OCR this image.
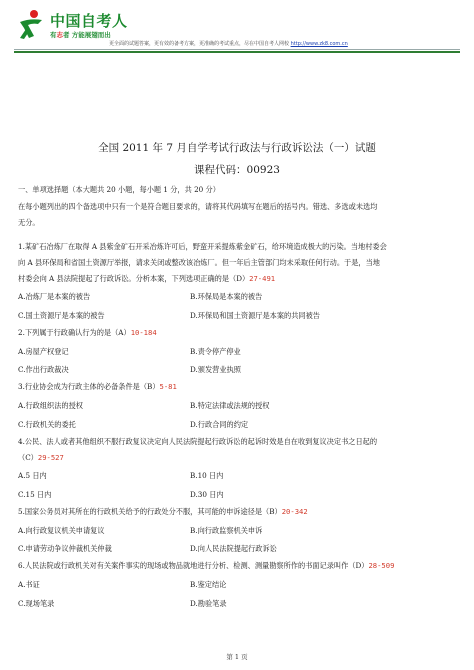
中国自考人
有志者 方能展翅而出
更全面的试题答案，更有效的备考方案，更准确的考试重点，尽在中国自考人网校 http://www.zk8.com.cn
全国 2011 年 7 月自学考试行政法与行政诉讼法（一）试题
课程代码：00923
一、单项选择题（本大题共 20 小题，每小题 1 分，共 20 分）
在每小题列出的四个备选项中只有一个是符合题目要求的，请将其代码填写在题后的括号内。错选、多选或未选均
无分。
1.某矿石冶炼厂在取得 A 县紫金矿石开采冶炼许可后，野蛮开采提炼紫金矿石，给环境造成极大的污染。当地村委会
向 A 县环保局和省国土资源厅举报，请求关闭或整改该冶炼厂。但一年后主管部门均未采取任何行动。于是，当地
村委会向 A 县法院提起了行政诉讼。分析本案，下列选项正确的是（D）27-491
A.冶炼厂是本案的被告	B.环保局是本案的被告
C.国土资源厅是本案的被告	D.环保局和国土资源厅是本案的共同被告
2.下列属于行政确认行为的是（A）10-184
A.房屋产权登记	B.责令停产停业
C.作出行政裁决	D.颁发营业执照
3.行业协会成为行政主体的必备条件是（B）5-81
A.行政组织法的授权	B.特定法律或法规的授权
C.行政机关的委托	D.行政合同的约定
4.公民、法人或者其他组织不服行政复议决定向人民法院提起行政诉讼的起诉时效是自在收到复议决定书之日起的
（C）29-527
A.5 日内	B.10 日内
C.15 日内	D.30 日内
5.国家公务员对其所在的行政机关给予的行政处分不服，其可能的申诉途径是（B）20-342
A.向行政复议机关申请复议	B.向行政监察机关申诉
C.申请劳动争议仲裁机关仲裁	D.向人民法院提起行政诉讼
6.人民法院或行政机关对有关案件事实的现场或物品就地进行分析、检测、测量勘察所作的书面记录叫作（D）28-509
A.书证	B.鉴定结论
C.现场笔录	D.勘验笔录
第 1 页
